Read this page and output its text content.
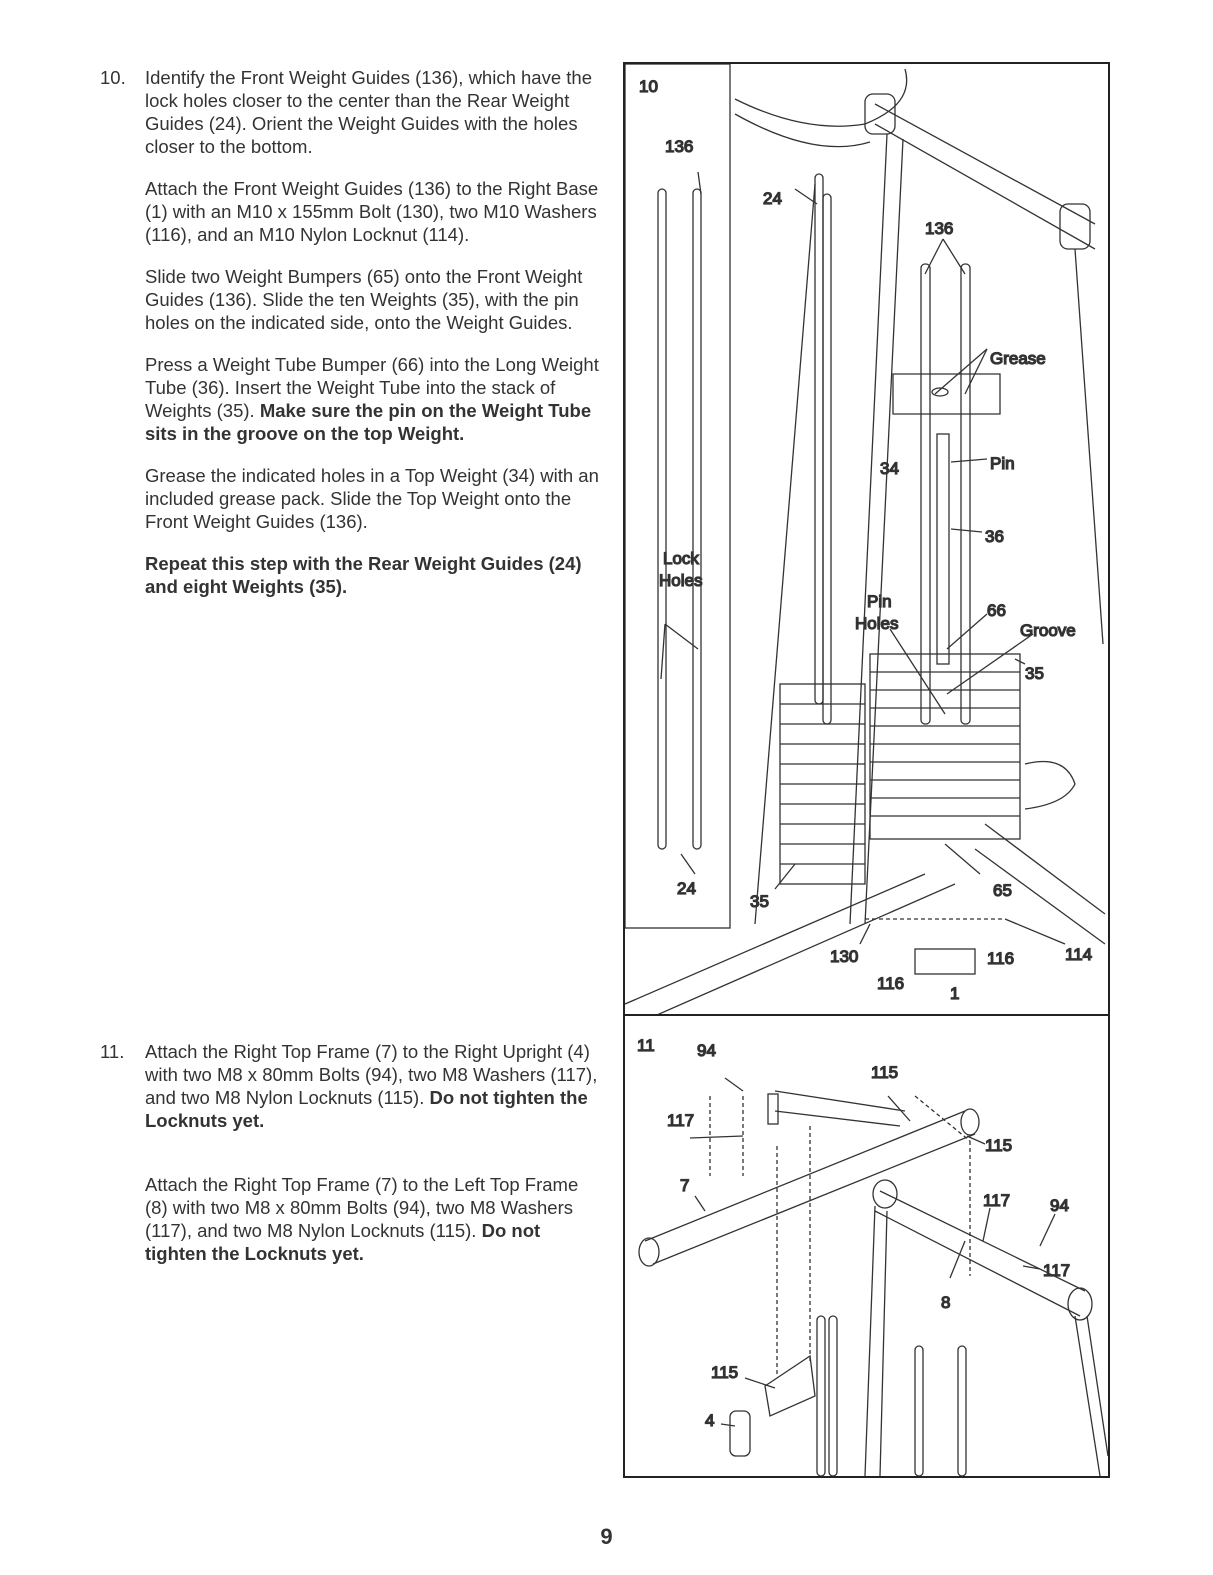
10. Identify the Front Weight Guides (136), which have the lock holes closer to the center than the Rear Weight Guides (24). Orient the Weight Guides with the holes closer to the bottom.

Attach the Front Weight Guides (136) to the Right Base (1) with an M10 x 155mm Bolt (130), two M10 Washers (116), and an M10 Nylon Locknut (114).

Slide two Weight Bumpers (65) onto the Front Weight Guides (136). Slide the ten Weights (35), with the pin holes on the indicated side, onto the Weight Guides.

Press a Weight Tube Bumper (66) into the Long Weight Tube (36). Insert the Weight Tube into the stack of Weights (35). Make sure the pin on the Weight Tube sits in the groove on the top Weight.

Grease the indicated holes in a Top Weight (34) with an included grease pack. Slide the Top Weight onto the Front Weight Guides (136).

Repeat this step with the Rear Weight Guides (24) and eight Weights (35).

11. Attach the Right Top Frame (7) to the Right Upright (4) with two M8 x 80mm Bolts (94), two M8 Washers (117), and two M8 Nylon Locknuts (115). Do not tighten the Locknuts yet.

Attach the Right Top Frame (7) to the Left Top Frame (8) with two M8 x 80mm Bolts (94), two M8 Washers (117), and two M8 Nylon Locknuts (115). Do not tighten the Locknuts yet.

10
136
24
136
Grease
34	Pin
36
Lock
Holes
Pin
Holes
66
Groove
35
24
35
65
130	116	114
116
1
11 94
115
117
115
7
117 94
117
8
115
4
9
